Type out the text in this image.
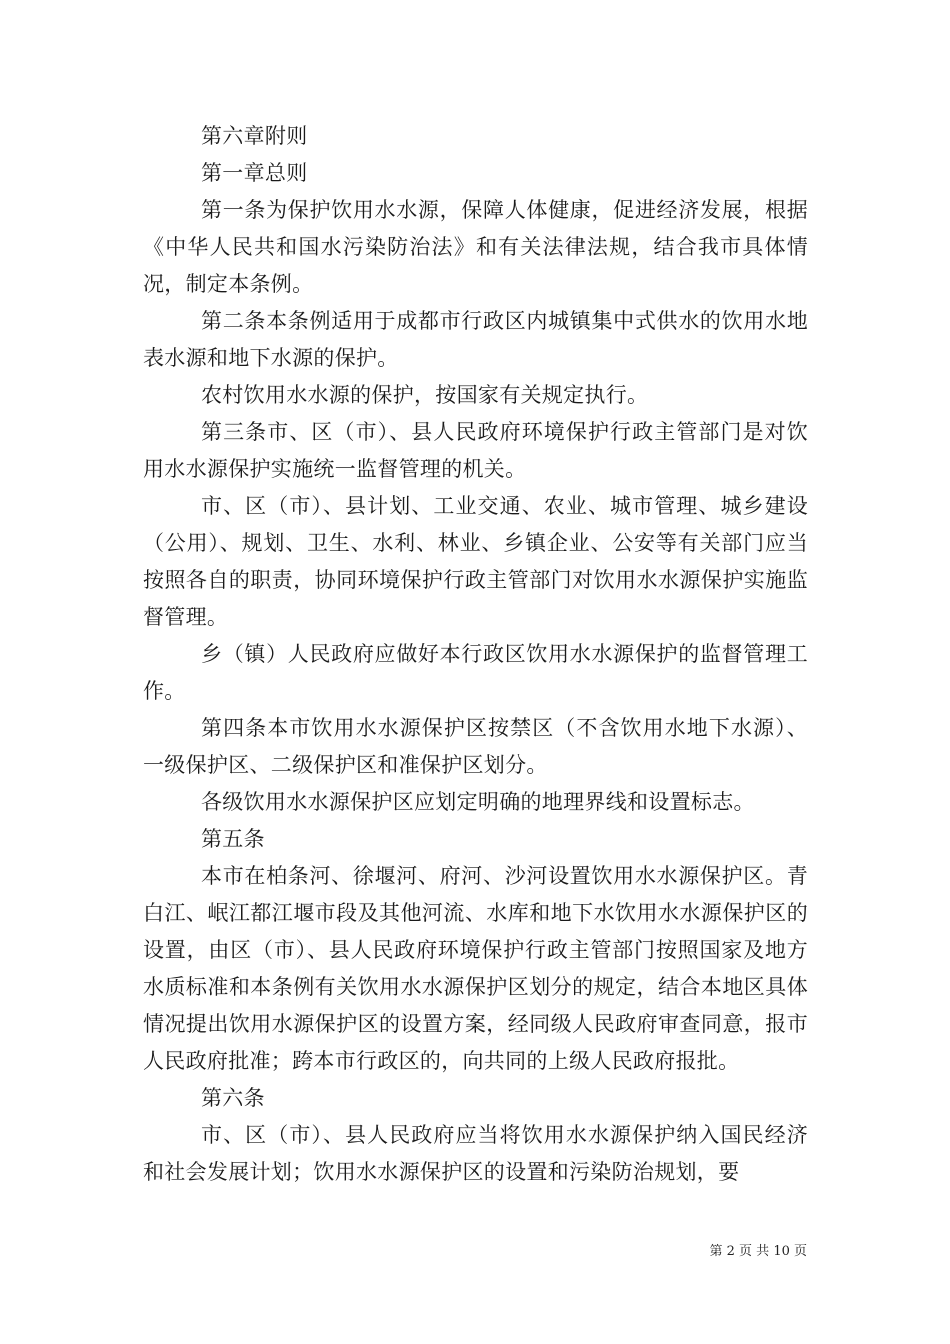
第六章附则

第一章总则

第一条为保护饮用水水源，保障人体健康，促进经济发展，根据《中华人民共和国水污染防治法》和有关法律法规，结合我市具体情况，制定本条例。

第二条本条例适用于成都市行政区内城镇集中式供水的饮用水地表水源和地下水源的保护。

农村饮用水水源的保护，按国家有关规定执行。

第三条市、区（市）、县人民政府环境保护行政主管部门是对饮用水水源保护实施统一监督管理的机关。

市、区（市）、县计划、工业交通、农业、城市管理、城乡建设（公用）、规划、卫生、水利、林业、乡镇企业、公安等有关部门应当按照各自的职责，协同环境保护行政主管部门对饮用水水源保护实施监督管理。

乡（镇）人民政府应做好本行政区饮用水水源保护的监督管理工作。

第四条本市饮用水水源保护区按禁区（不含饮用水地下水源）、一级保护区、二级保护区和准保护区划分。

各级饮用水水源保护区应划定明确的地理界线和设置标志。

第五条

本市在柏条河、徐堰河、府河、沙河设置饮用水水源保护区。青白江、岷江都江堰市段及其他河流、水库和地下水饮用水水源保护区的设置，由区（市）、县人民政府环境保护行政主管部门按照国家及地方水质标准和本条例有关饮用水水源保护区划分的规定，结合本地区具体情况提出饮用水源保护区的设置方案，经同级人民政府审查同意，报市人民政府批准；跨本市行政区的，向共同的上级人民政府报批。

第六条

市、区（市）、县人民政府应当将饮用水水源保护纳入国民经济和社会发展计划；饮用水水源保护区的设置和污染防治规划，要

第 2 页 共 10 页
